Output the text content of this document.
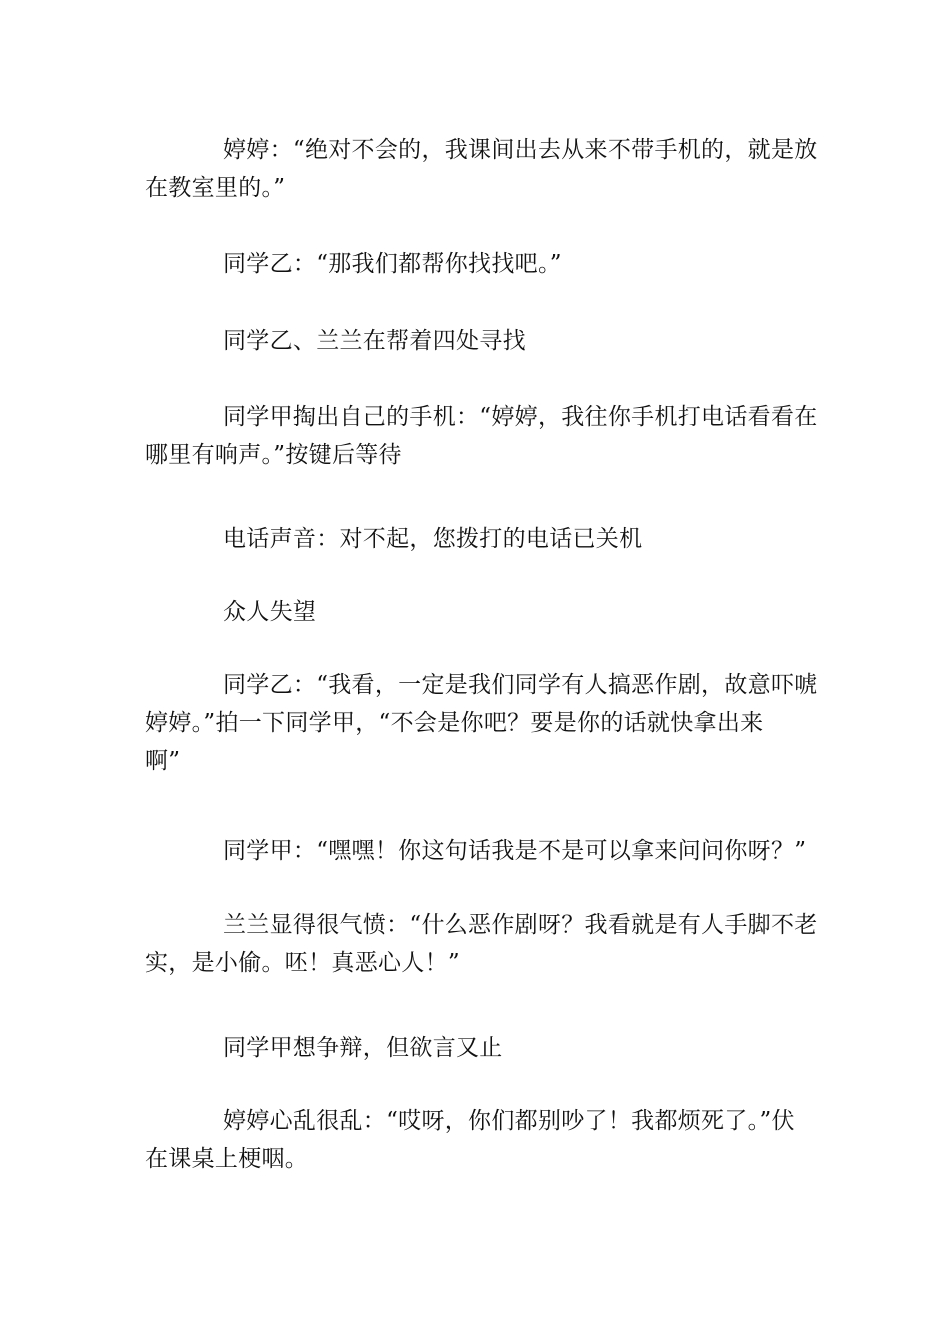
婷婷：“绝对不会的，我课间出去从来不带手机的，就是放
在教室里的。”

同学乙：“那我们都帮你找找吧。”

同学乙、兰兰在帮着四处寻找

同学甲掏出自己的手机：“婷婷，我往你手机打电话看看在
哪里有响声。”按键后等待

电话声音：对不起，您拨打的电话已关机

众人失望

同学乙：“我看，一定是我们同学有人搞恶作剧，故意吓唬
婷婷。”拍一下同学甲，“不会是你吧？要是你的话就快拿出来
啊”

同学甲：“嘿嘿！你这句话我是不是可以拿来问问你呀？”

兰兰显得很气愤：“什么恶作剧呀？我看就是有人手脚不老
实，是小偷。呸！真恶心人！”

同学甲想争辩，但欲言又止

婷婷心乱很乱：“哎呀，你们都别吵了！我都烦死了。”伏
在课桌上梗咽。
